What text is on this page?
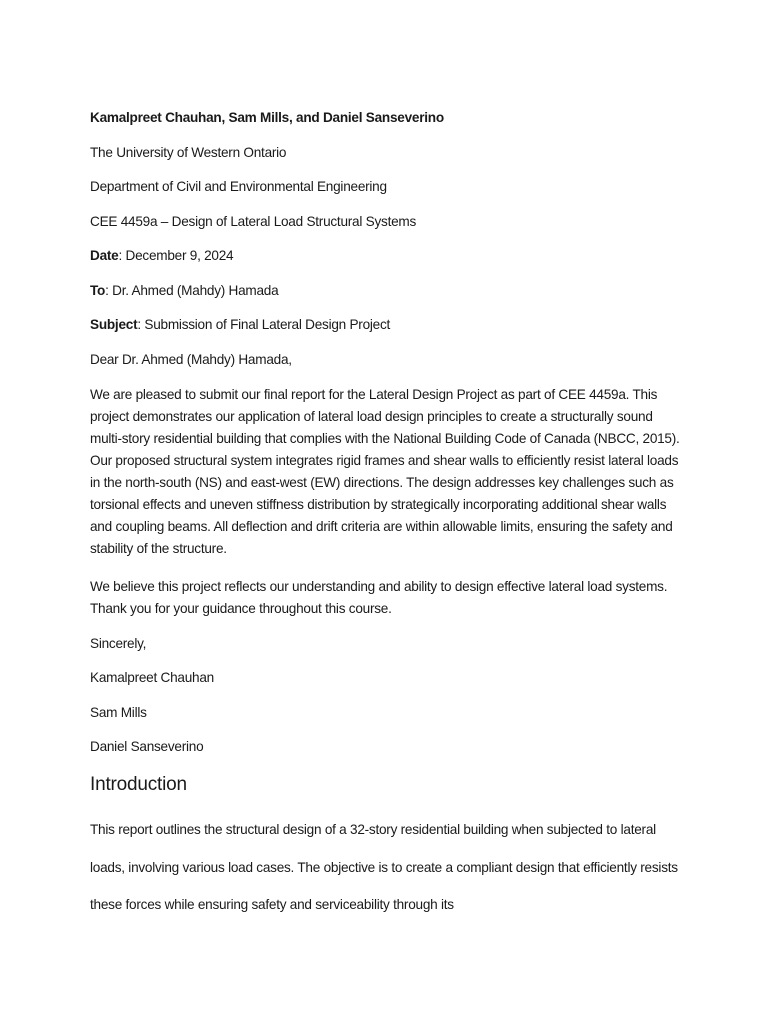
Kamalpreet Chauhan, Sam Mills, and Daniel Sanseverino

The University of Western Ontario

Department of Civil and Environmental Engineering

CEE 4459a – Design of Lateral Load Structural Systems

Date: December 9, 2024

To: Dr. Ahmed (Mahdy) Hamada

Subject: Submission of Final Lateral Design Project

Dear Dr. Ahmed (Mahdy) Hamada,

We are pleased to submit our final report for the Lateral Design Project as part of CEE 4459a. This project demonstrates our application of lateral load design principles to create a structurally sound multi-story residential building that complies with the National Building Code of Canada (NBCC, 2015). Our proposed structural system integrates rigid frames and shear walls to efficiently resist lateral loads in the north-south (NS) and east-west (EW) directions. The design addresses key challenges such as torsional effects and uneven stiffness distribution by strategically incorporating additional shear walls and coupling beams. All deflection and drift criteria are within allowable limits, ensuring the safety and stability of the structure.

We believe this project reflects our understanding and ability to design effective lateral load systems. Thank you for your guidance throughout this course.

Sincerely,

Kamalpreet Chauhan

Sam Mills

Daniel Sanseverino

Introduction

This report outlines the structural design of a 32-story residential building when subjected to lateral loads, involving various load cases. The objective is to create a compliant design that efficiently resists these forces while ensuring safety and serviceability through its
